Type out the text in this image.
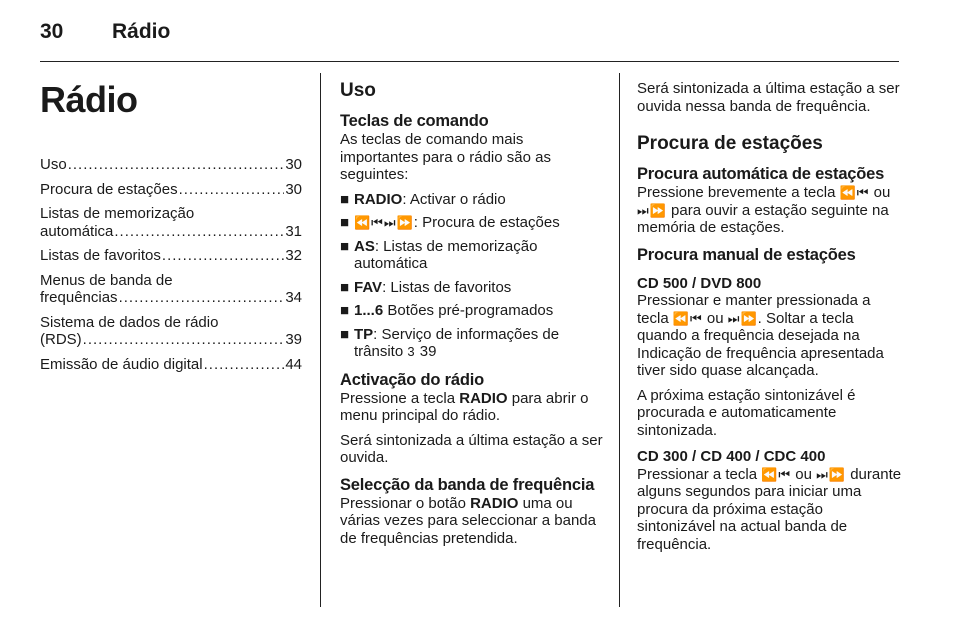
30 Rádio
Rádio
Uso .....	30
Procura de estações .....	30
Listas de memorização
automática .....	31
Listas de favoritos .....	32
Menus de banda de
frequências .....	34
Sistema de dados de rádio
(RDS) .....	39
Emissão de áudio digital .....	44
Uso
Teclas de comando

As teclas de comando mais importantes para o rádio são as seguintes:

■ RADIO: Activar o rádio
■ ⏪⏮⏭⏩: Procura de estações
■ AS: Listas de memorização automática
■ FAV: Listas de favoritos
■ 1...6 Botões pré-programados
■ TP: Serviço de informações de trânsito 3 39
Activação do rádio

Pressione a tecla RADIO para abrir o menu principal do rádio.

Será sintonizada a última estação a ser ouvida.

Selecção da banda de frequência

Pressionar o botão RADIO uma ou várias vezes para seleccionar a banda de frequências pretendida.

Será sintonizada a última estação a ser ouvida nessa banda de frequência.

Procura de estações
Procura automática de estações

Pressione brevemente a tecla ⏪⏮ ou ⏭⏩ para ouvir a estação seguinte na memória de estações.

Procura manual de estações
CD 500 / DVD 800

Pressionar e manter pressionada a tecla ⏪⏮ ou ⏭⏩. Soltar a tecla quando a frequência desejada na Indicação de frequência apresentada tiver sido quase alcançada.

A próxima estação sintonizável é procurada e automaticamente sintonizada.

CD 300 / CD 400 / CDC 400

Pressionar a tecla ⏪⏮ ou ⏭⏩ durante alguns segundos para iniciar uma procura da próxima estação sintonizável na actual banda de frequência.
